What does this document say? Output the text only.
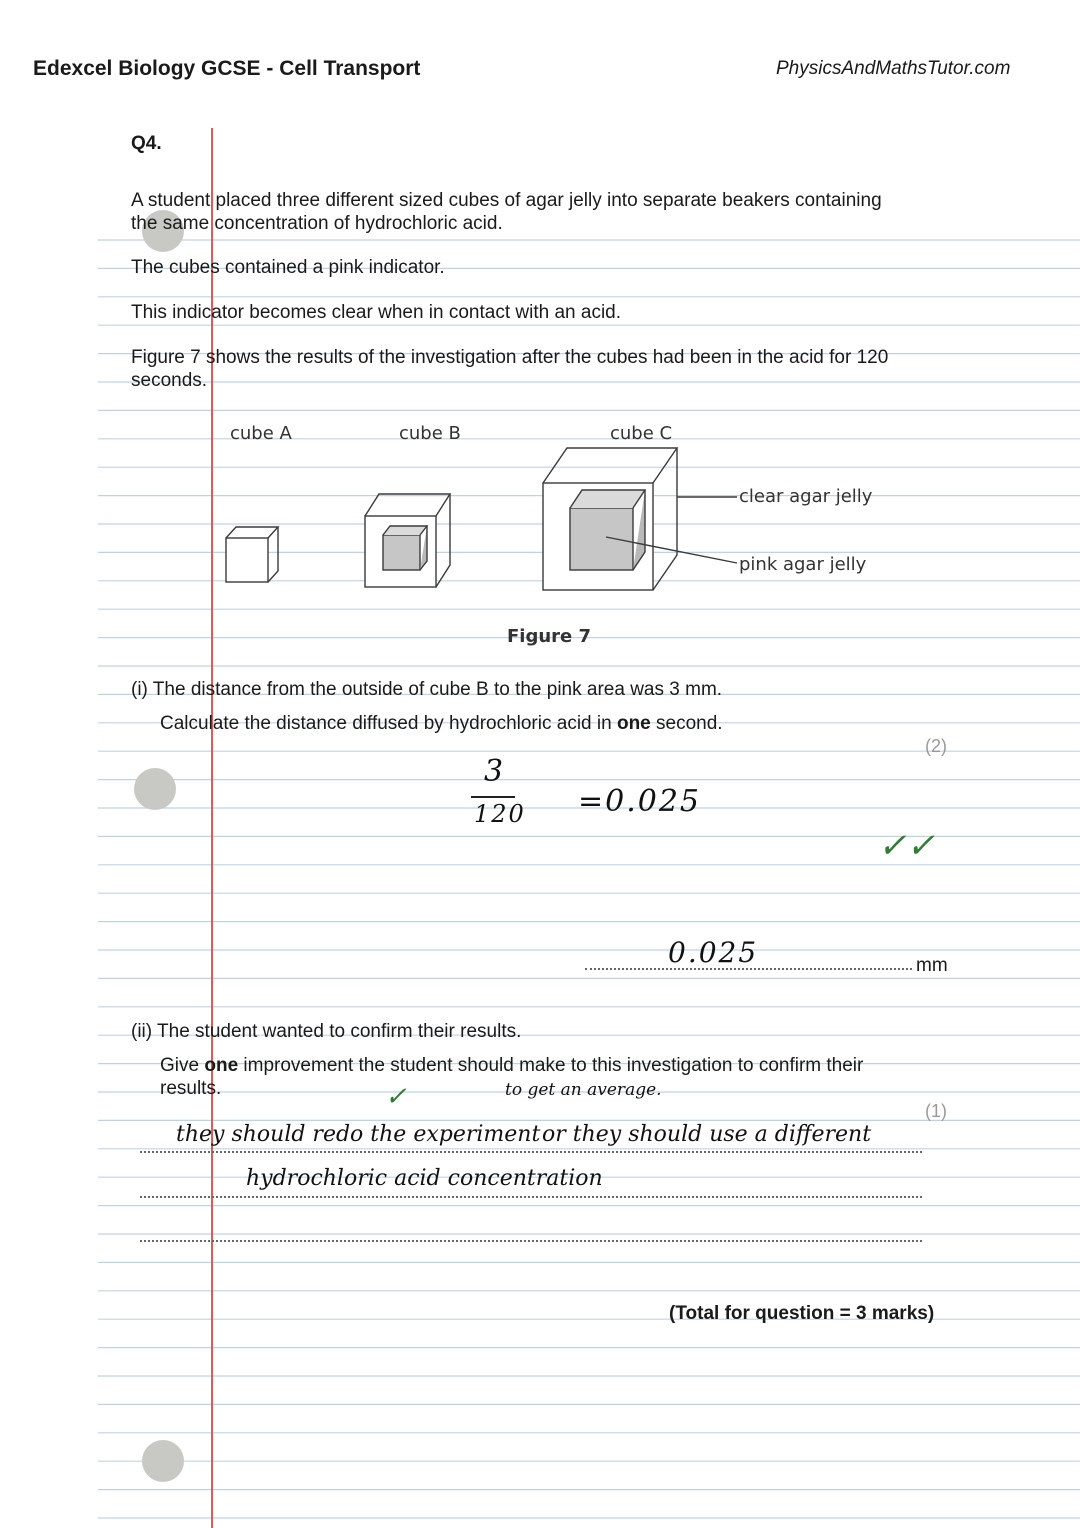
Edexcel Biology GCSE - Cell Transport	PhysicsAndMathsTutor.com
Q4.
A student placed three different sized cubes of agar jelly into separate beakers containing
the same concentration of hydrochloric acid.
The cubes contained a pink indicator.
This indicator becomes clear when in contact with an acid.
Figure 7 shows the results of the investigation after the cubes had been in the acid for 120
seconds.
cube A	cube B	cube C
clear agar jelly
pink agar jelly
Figure 7
(i) The distance from the outside of cube B to the pink area was 3 mm.
Calculate the distance diffused by hydrochloric acid in one second.
(2)
3
120 =0.025
✓✓
0.025	mm
(ii) The student wanted to confirm their results.
Give one improvement the student should make to this investigation to confirm their
results.
(1)
to get an average.
✓
they should redo the experiment or they should use a different
hydrochloric acid concentration
(Total for question = 3 marks)
